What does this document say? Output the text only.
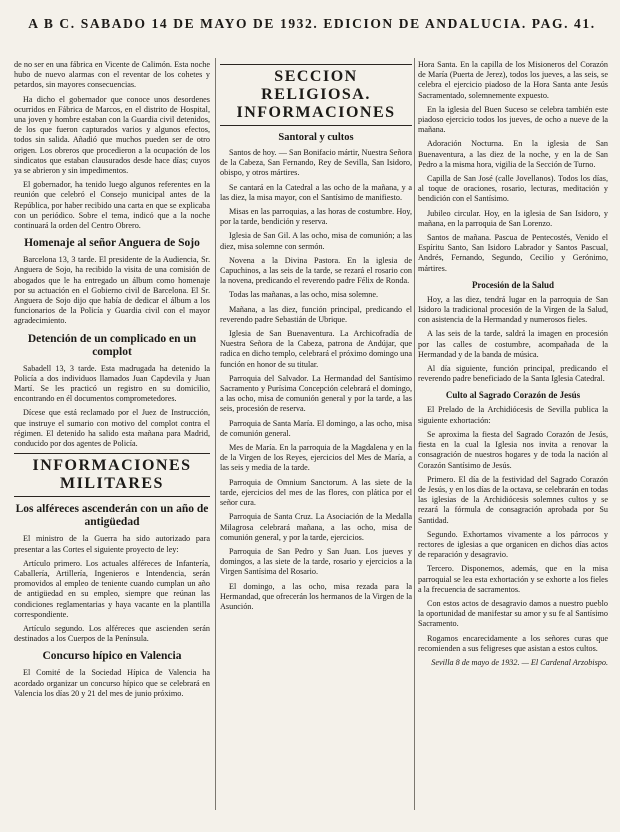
A B C. SABADO 14 DE MAYO DE 1932. EDICION DE ANDALUCIA. PAG. 41.

de no ser en una fábrica en Vicente de Calimón. Esta noche hubo de nuevo alarmas con el reventar de los cohetes y petardos, sin mayores consecuencias.

Ha dicho el gobernador que conoce unos desordenes ocurridos en Fábrica de Marcos, en el distrito de Hospital, una joven y hombre estaban con la Guardia civil detenidos, de los que fueron capturados varios y algunos efectos, todos sin salida. Añadió que muchos pueden ser de otro origen. Los obreros que procedieron a la ocupación de los sindicatos que estaban clausurados desde hace días; cuyos ya se abrieron y sin impedimentos.

El gobernador, ha tenido luego algunos referentes en la reunión que celebró el Consejo municipal antes de la República, por haber recibido una carta en que se explicaba con un periódico. Sobre el tema, indicó que a la noche continuará la orden del Centro Obrero.

Homenaje al señor Anguera de Sojo

Barcelona 13, 3 tarde. El presidente de la Audiencia, Sr. Anguera de Sojo, ha recibido la visita de una comisión de abogados que le ha entregado un álbum como homenaje por su actuación en el Gobierno civil de Barcelona. El Sr. Anguera de Sojo dijo que había de dedicar el álbum a los funcionarios de la Policía y Guardia civil con el mayor agradecimiento.

Detención de un complicado en un complot

Sabadell 13, 3 tarde. Esta madrugada ha detenido la Policía a dos individuos llamados Juan Capdevila y Juan Martí. Se les practicó un registro en su domicilio, encontrando en él documentos comprometedores.

Dícese que está reclamado por el Juez de Instrucción, que instruye el sumario con motivo del complot contra el régimen. El detenido ha salido esta mañana para Madrid, conducido por dos agentes de Policía.

INFORMACIONES MILITARES
Los alféreces ascenderán con un año de antigüedad

El ministro de la Guerra ha sido autorizado para presentar a las Cortes el siguiente proyecto de ley:

Artículo primero. Los actuales alféreces de Infantería, Caballería, Artillería, Ingenieros e Intendencia, serán promovidos al empleo de teniente cuando cumplan un año de antigüedad en su empleo, siempre que reúnan las condiciones reglamentarias y haya vacante en la plantilla correspondiente.

Artículo segundo. Los alféreces que ascienden serán destinados a los Cuerpos de la Península.

Concurso hípico en Valencia

El Comité de la Sociedad Hípica de Valencia ha acordado organizar un concurso hípico que se celebrará en Valencia los días 20 y 21 del mes de junio próximo.

SECCION RELIGIOSA. INFORMACIONES
Santoral y cultos

Santos de hoy. — San Bonifacio mártir, Nuestra Señora de la Cabeza, San Fernando, Rey de Sevilla, San Isidoro, obispo, y otros mártires.

Se cantará en la Catedral a las ocho de la mañana, y a las diez, la misa mayor, con el Santísimo de manifiesto.

Misas en las parroquias, a las horas de costumbre. Hoy, por la tarde, bendición y reserva.

Iglesia de San Gil. A las ocho, misa de comunión; a las diez, misa solemne con sermón.

Novena a la Divina Pastora. En la iglesia de Capuchinos, a las seis de la tarde, se rezará el rosario con la novena, predicando el reverendo padre Félix de Ronda.

Todas las mañanas, a las ocho, misa solemne.

Mañana, a las diez, función principal, predicando el reverendo padre Sebastián de Ubrique.

Iglesia de San Buenaventura. La Archicofradía de Nuestra Señora de la Cabeza, patrona de Andújar, que radica en dicho templo, celebrará el próximo domingo una función en honor de su titular.

Parroquia del Salvador. La Hermandad del Santísimo Sacramento y Purísima Concepción celebrará el domingo, a las ocho, misa de comunión general y por la tarde, a las seis, procesión de reserva.

Parroquia de Santa María. El domingo, a las ocho, misa de comunión general.

Mes de María. En la parroquia de la Magdalena y en la de la Virgen de los Reyes, ejercicios del Mes de María, a las seis y media de la tarde.

Parroquia de Omnium Sanctorum. A las siete de la tarde, ejercicios del mes de las flores, con plática por el señor cura.

Parroquia de Santa Cruz. La Asociación de la Medalla Milagrosa celebrará mañana, a las ocho, misa de comunión general, y por la tarde, ejercicios.

Parroquia de San Pedro y San Juan. Los jueves y domingos, a las siete de la tarde, rosario y ejercicios a la Virgen Santísima del Rosario.

El domingo, a las ocho, misa rezada para la Hermandad, que ofrecerán los hermanos de la Virgen de la Asunción.

Hora Santa. En la capilla de los Misioneros del Corazón de María (Puerta de Jerez), todos los jueves, a las seis, se celebra el ejercicio piadoso de la Hora Santa ante Jesús Sacramentado, solemnemente expuesto.

En la iglesia del Buen Suceso se celebra también este piadoso ejercicio todos los jueves, de ocho a nueve de la mañana.

Adoración Nocturna. En la iglesia de San Buenaventura, a las diez de la noche, y en la de San Pedro a la misma hora, vigilia de la Sección de Turno.

Capilla de San José (calle Jovellanos). Todos los días, al toque de oraciones, rosario, lecturas, meditación y bendición con el Santísimo.

Jubileo circular. Hoy, en la iglesia de San Isidoro, y mañana, en la parroquia de San Lorenzo.

Santos de mañana. Pascua de Pentecostés, Venido el Espíritu Santo, San Isidoro Labrador y Santos Pascual, Andrés, Fernando, Segundo, Cecilio y Gerónimo, mártires.

Procesión de la Salud

Hoy, a las diez, tendrá lugar en la parroquia de San Isidoro la tradicional procesión de la Virgen de la Salud, con asistencia de la Hermandad y numerosos fieles.

A las seis de la tarde, saldrá la imagen en procesión por las calles de costumbre, acompañada de la Hermandad y de la banda de música.

Al día siguiente, función principal, predicando el reverendo padre beneficiado de la Santa Iglesia Catedral.

Culto al Sagrado Corazón de Jesús

El Prelado de la Archidiócesis de Sevilla publica la siguiente exhortación:

Se aproxima la fiesta del Sagrado Corazón de Jesús, fiesta en la cual la Iglesia nos invita a renovar la consagración de nuestros hogares y de toda la nación al Corazón Santísimo de Jesús.

Primero. El día de la festividad del Sagrado Corazón de Jesús, y en los días de la octava, se celebrarán en todas las iglesias de la Archidiócesis solemnes cultos y se rezará la fórmula de consagración aprobada por Su Santidad.

Segundo. Exhortamos vivamente a los párrocos y rectores de iglesias a que organicen en dichos días actos de reparación y desagravio.

Tercero. Disponemos, además, que en la misa parroquial se lea esta exhortación y se exhorte a los fieles a la frecuencia de sacramentos.

Con estos actos de desagravio damos a nuestro pueblo la oportunidad de manifestar su amor y su fe al Santísimo Sacramento.

Rogamos encarecidamente a los señores curas que recomienden a sus feligreses que asistan a estos cultos.

Sevilla 8 de mayo de 1932. — El Cardenal Arzobispo.
